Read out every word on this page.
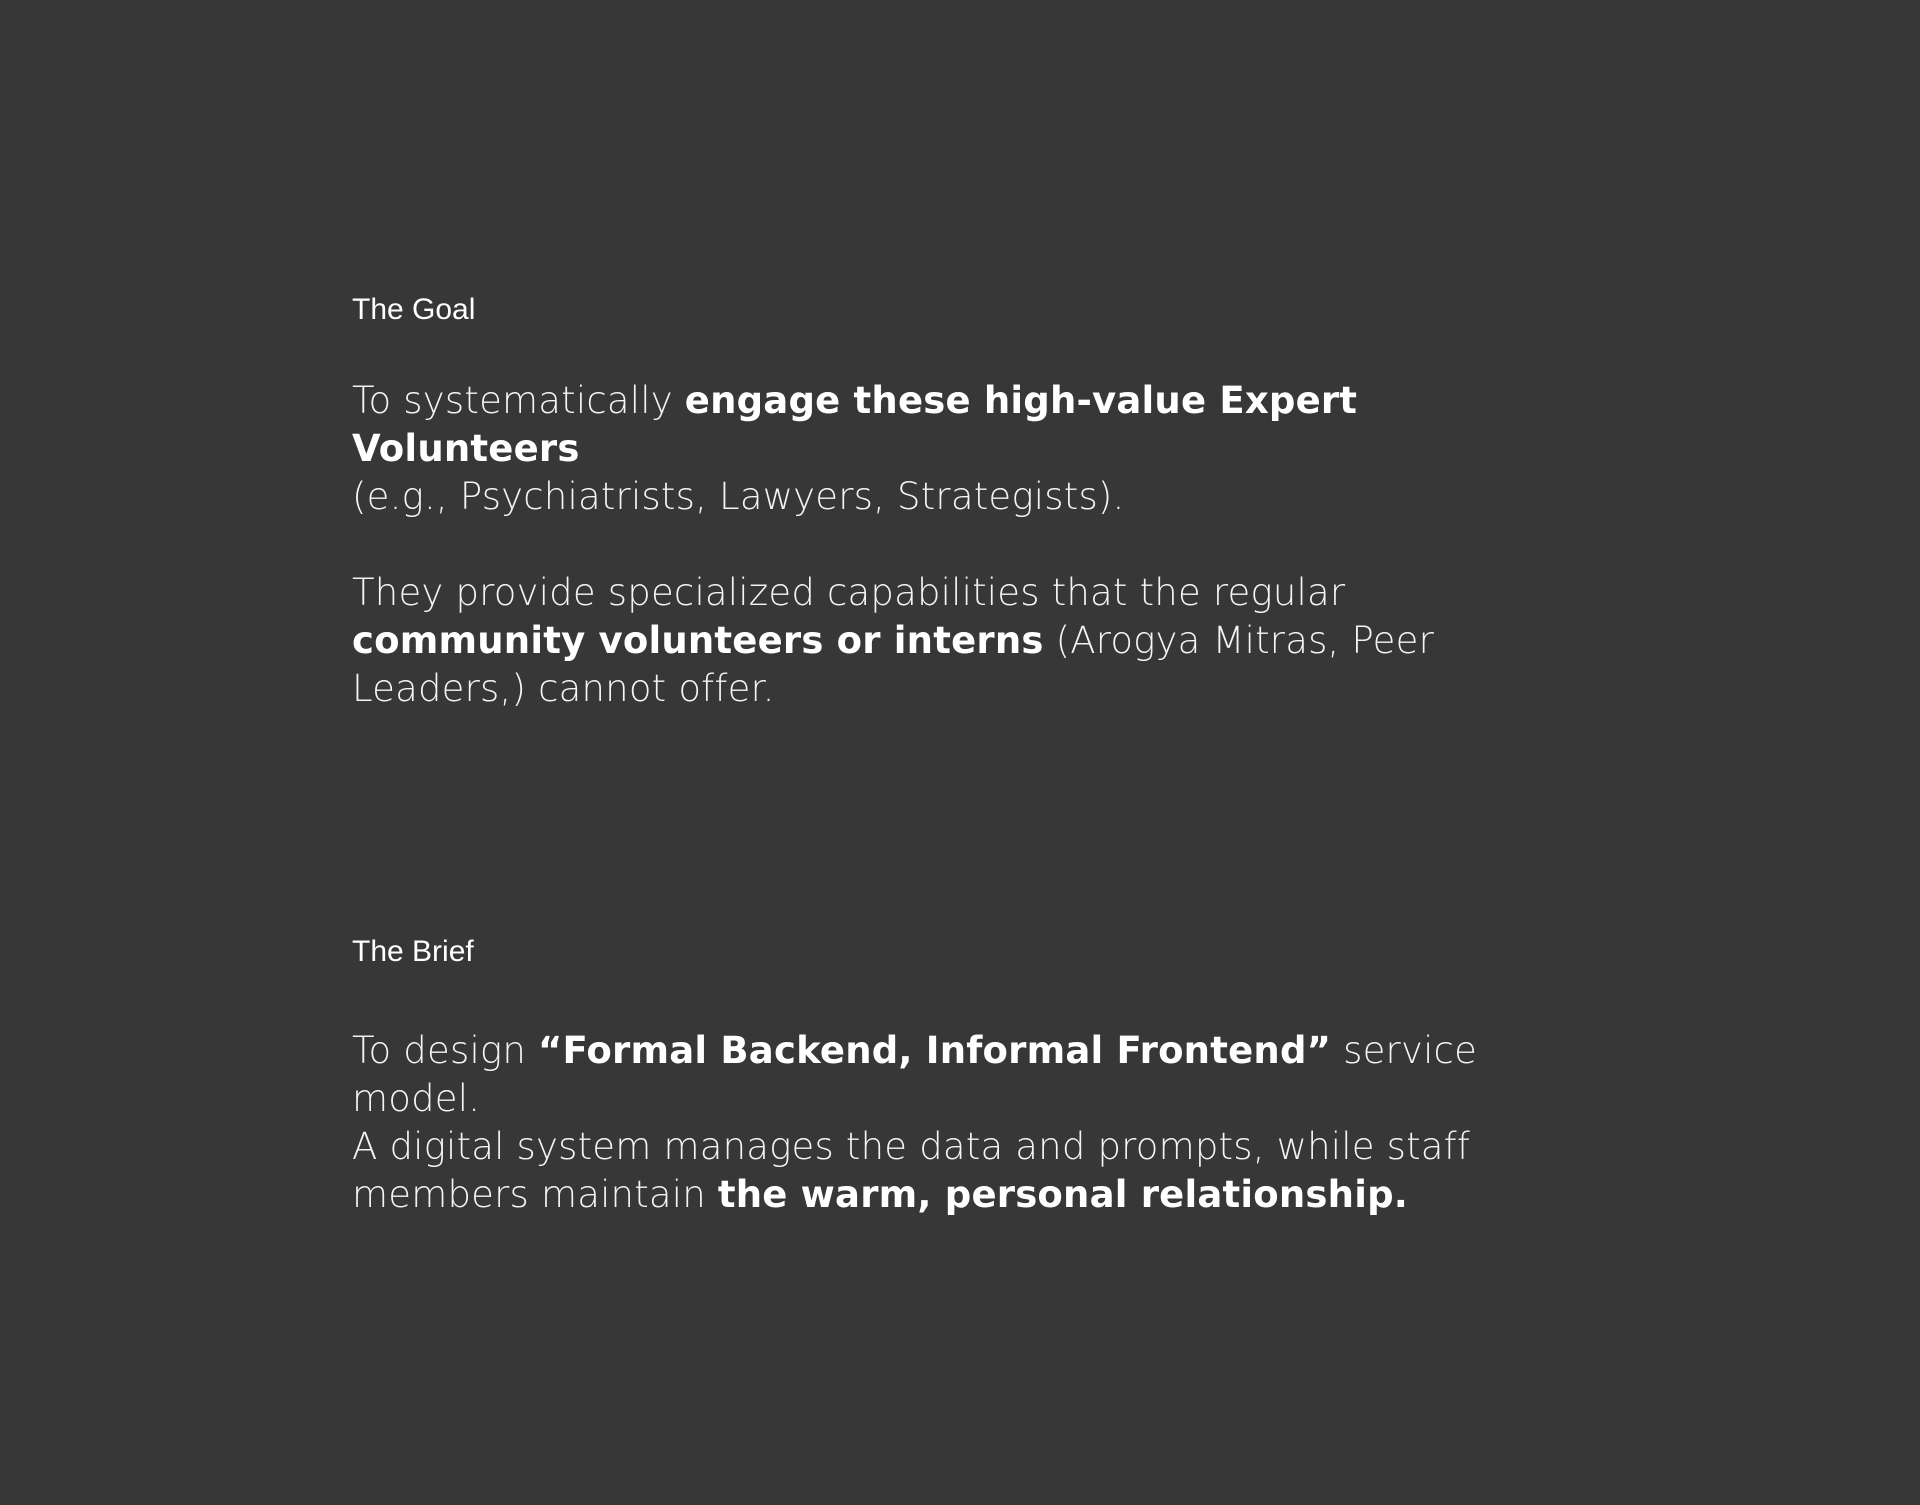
The Goal

To systematically engage these high-value Expert Volunteers
(e.g., Psychiatrists, Lawyers, Strategists).

They provide specialized capabilities that the regular
community volunteers or interns (Arogya Mitras, Peer
Leaders,) cannot offer.

The Brief

To design “Formal Backend, Informal Frontend” service model.
A digital system manages the data and prompts, while staff
members maintain the warm, personal relationship.
